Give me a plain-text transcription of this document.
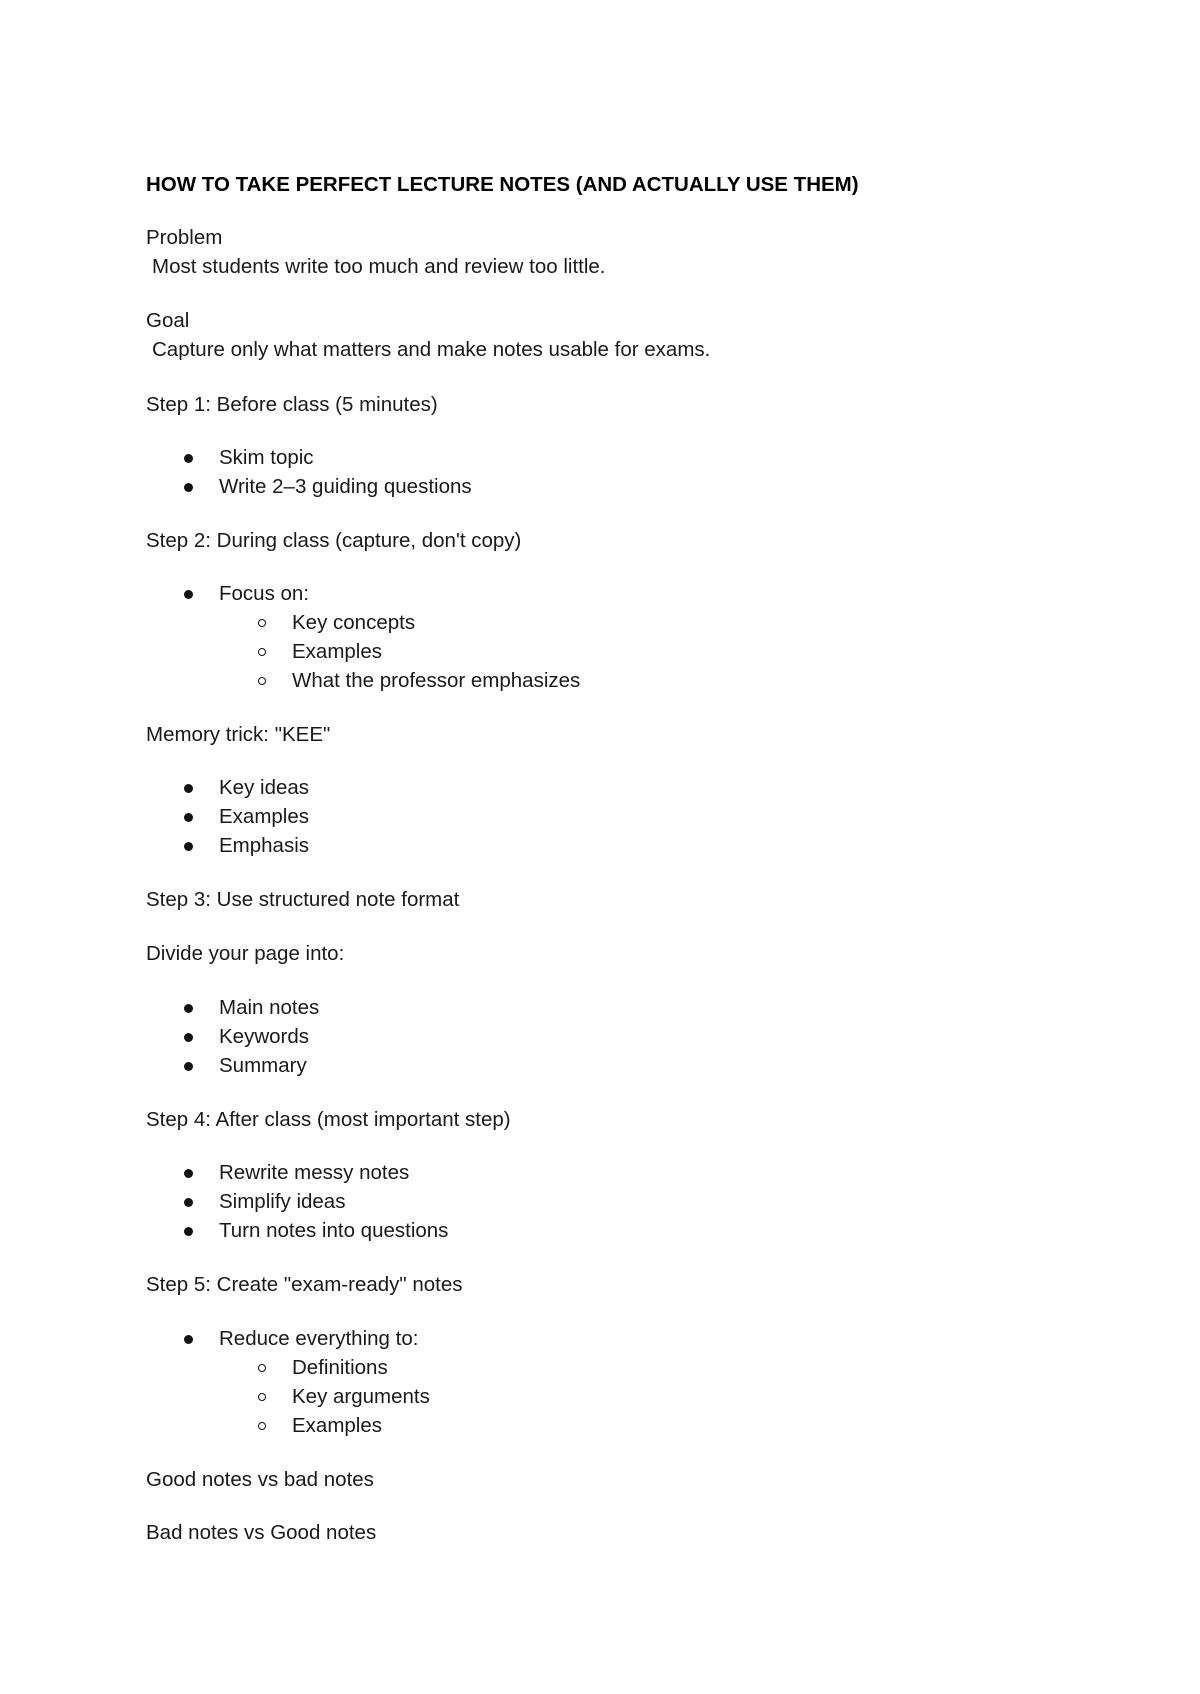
HOW TO TAKE PERFECT LECTURE NOTES (AND ACTUALLY USE THEM)
Problem
Most students write too much and review too little.
Goal
Capture only what matters and make notes usable for exams.
Step 1: Before class (5 minutes)
Skim topic
Write 2–3 guiding questions
Step 2: During class (capture, don't copy)
Focus on:
Key concepts
Examples
What the professor emphasizes
Memory trick: "KEE"
Key ideas
Examples
Emphasis
Step 3: Use structured note format
Divide your page into:
Main notes
Keywords
Summary
Step 4: After class (most important step)
Rewrite messy notes
Simplify ideas
Turn notes into questions
Step 5: Create "exam-ready" notes
Reduce everything to:
Definitions
Key arguments
Examples
Good notes vs bad notes
Bad notes vs Good notes
